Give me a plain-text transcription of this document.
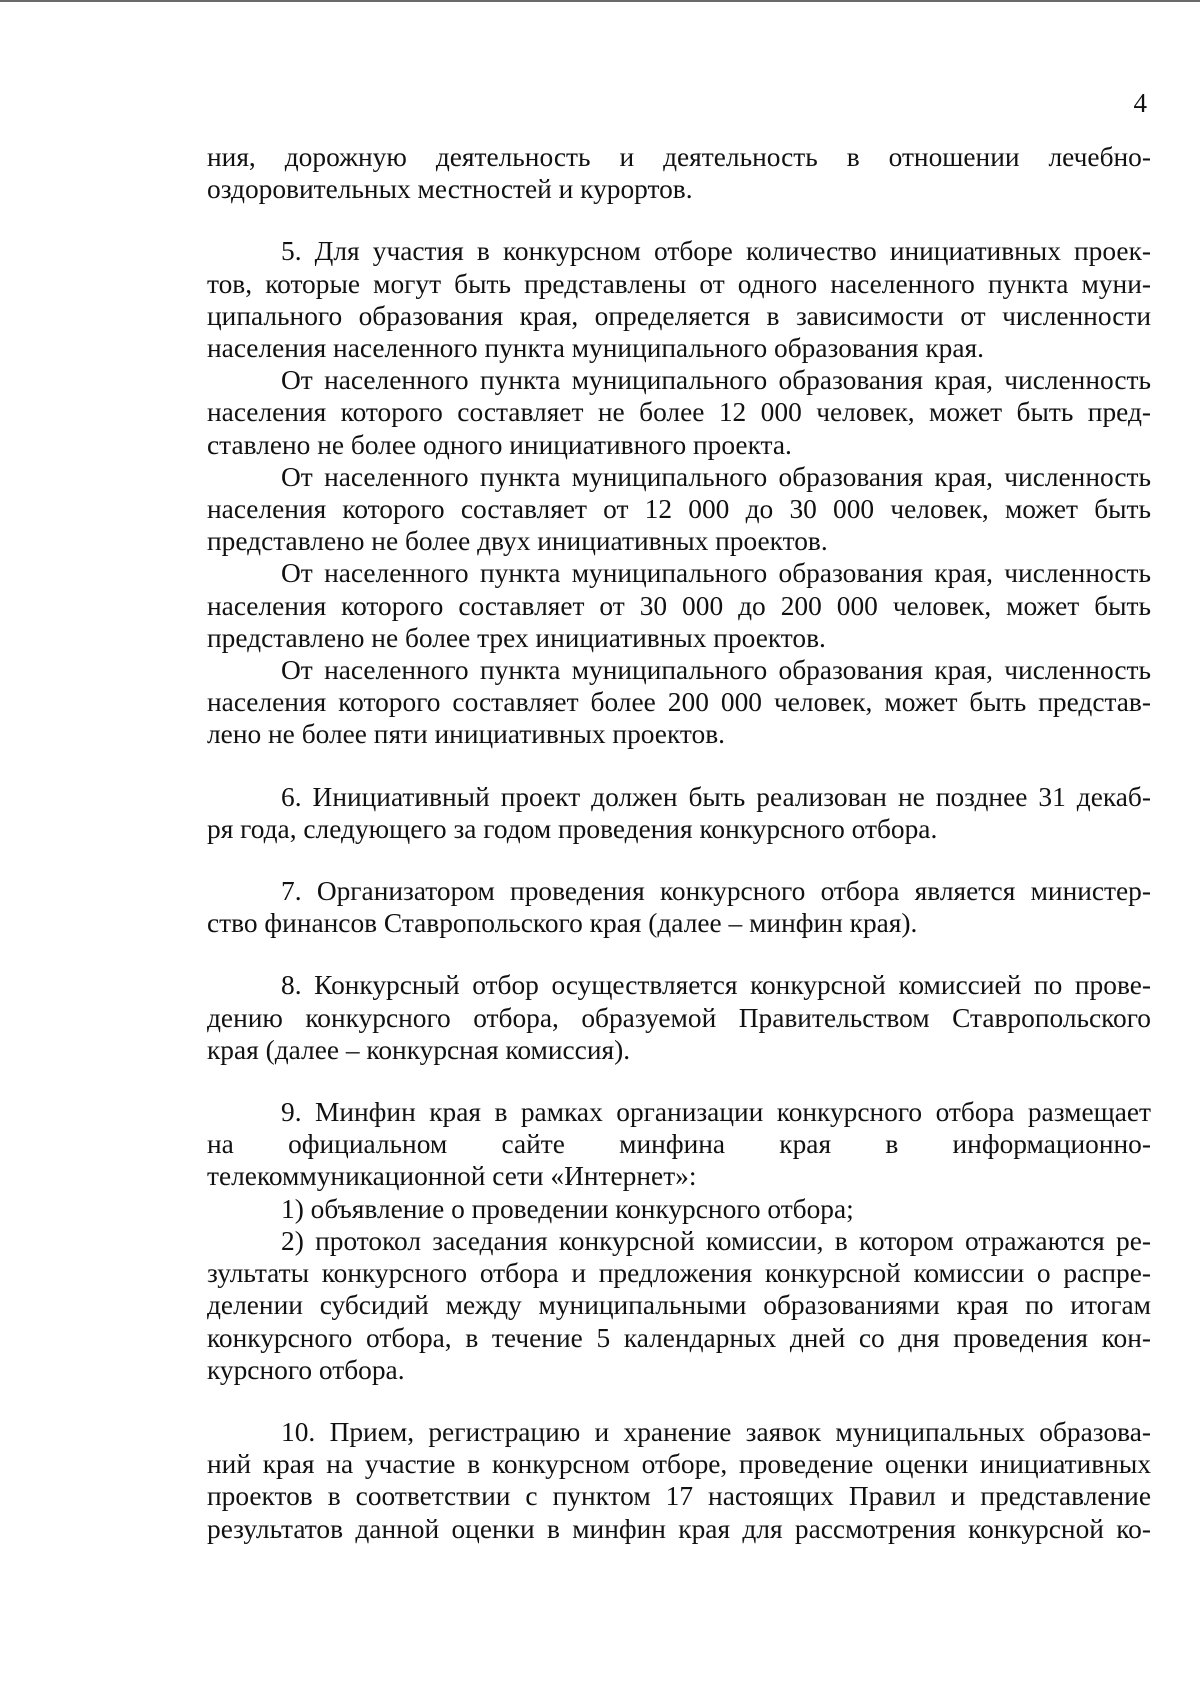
4
ния, дорожную деятельность и деятельность в отношении лечебно-
оздоровительных местностей и курортов.
5. Для участия в конкурсном отборе количество инициативных проек-
тов, которые могут быть представлены от одного населенного пункта муни-
ципального образования края, определяется в зависимости от численности
населения населенного пункта муниципального образования края.
От населенного пункта муниципального образования края, численность
населения которого составляет не более 12 000 человек, может быть пред-
ставлено не более одного инициативного проекта.
От населенного пункта муниципального образования края, численность
населения которого составляет от 12 000 до 30 000 человек, может быть
представлено не более двух инициативных проектов.
От населенного пункта муниципального образования края, численность
населения которого составляет от 30 000 до 200 000 человек, может быть
представлено не более трех инициативных проектов.
От населенного пункта муниципального образования края, численность
населения которого составляет более 200 000 человек, может быть представ-
лено не более пяти инициативных проектов.
6. Инициативный проект должен быть реализован не позднее 31 декаб-
ря года, следующего за годом проведения конкурсного отбора.
7. Организатором проведения конкурсного отбора является министер-
ство финансов Ставропольского края (далее – минфин края).
8. Конкурсный отбор осуществляется конкурсной комиссией по прове-
дению конкурсного отбора, образуемой Правительством Ставропольского
края (далее – конкурсная комиссия).
9. Минфин края в рамках организации конкурсного отбора размещает
на официальном сайте минфина края в информационно-
телекоммуникационной сети «Интернет»:
1) объявление о проведении конкурсного отбора;
2) протокол заседания конкурсной комиссии, в котором отражаются ре-
зультаты конкурсного отбора и предложения конкурсной комиссии о распре-
делении субсидий между муниципальными образованиями края по итогам
конкурсного отбора, в течение 5 календарных дней со дня проведения кон-
курсного отбора.
10. Прием, регистрацию и хранение заявок муниципальных образова-
ний края на участие в конкурсном отборе, проведение оценки инициативных
проектов в соответствии с пунктом 17 настоящих Правил и представление
результатов данной оценки в минфин края для рассмотрения конкурсной ко-
